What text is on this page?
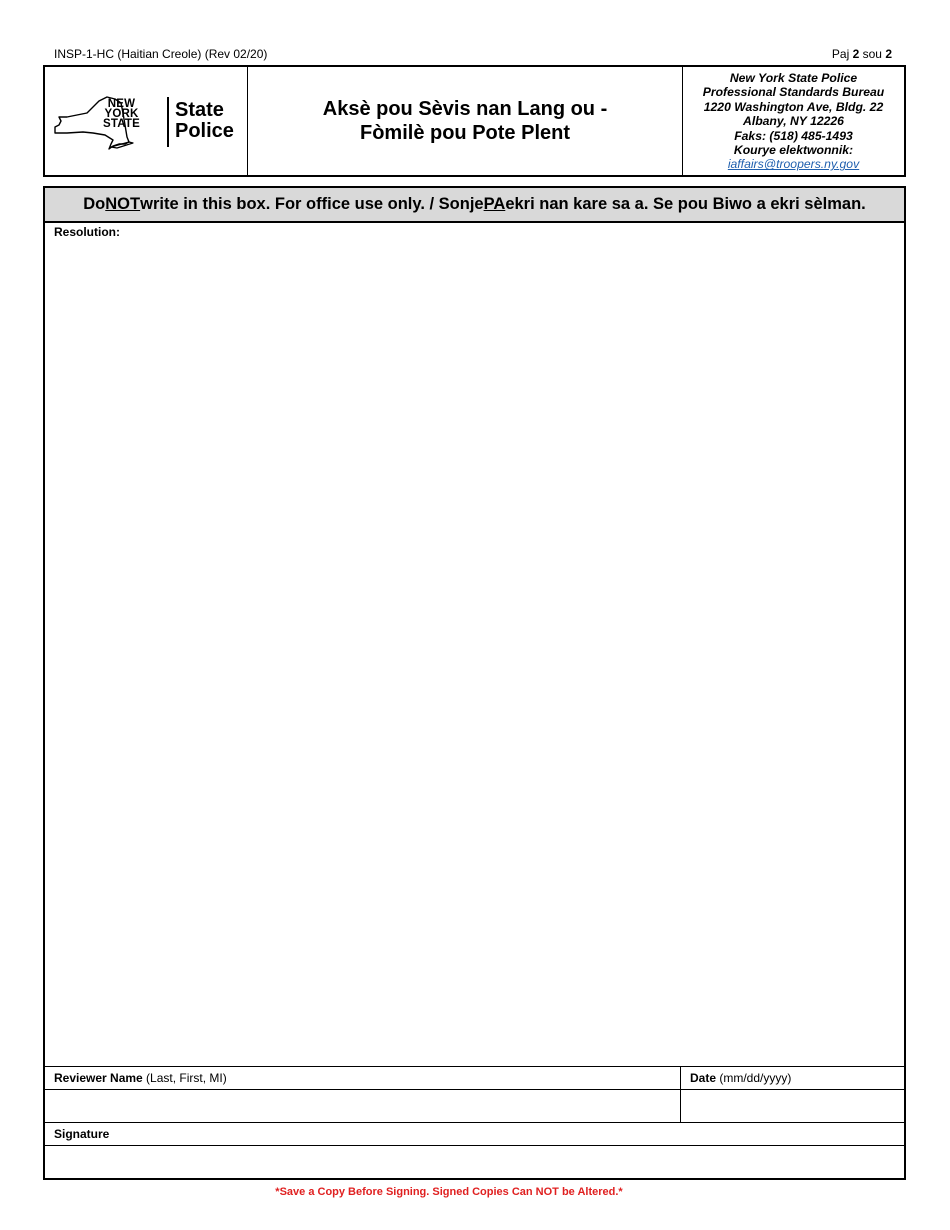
INSP-1-HC (Haitian Creole) (Rev 02/20)	Paj 2 sou 2
NEW
YORK
STATE
State
Police
Aksè pou Sèvis nan Lang ou -
Fòmilè pou Pote Plent
New York State Police
Professional Standards Bureau
1220 Washington Ave, Bldg. 22
Albany, NY 12226
Faks: (518) 485-1493
Kourye elektwonnik:
iaffairs@troopers.ny.gov
Do NOT write in this box. For office use only. / Sonje PA ekri nan kare sa a. Se pou Biwo a ekri sèlman.
Resolution:
Reviewer Name (Last, First, MI)	Date (mm/dd/yyyy)
Signature
*Save a Copy Before Signing. Signed Copies Can NOT be Altered.*
